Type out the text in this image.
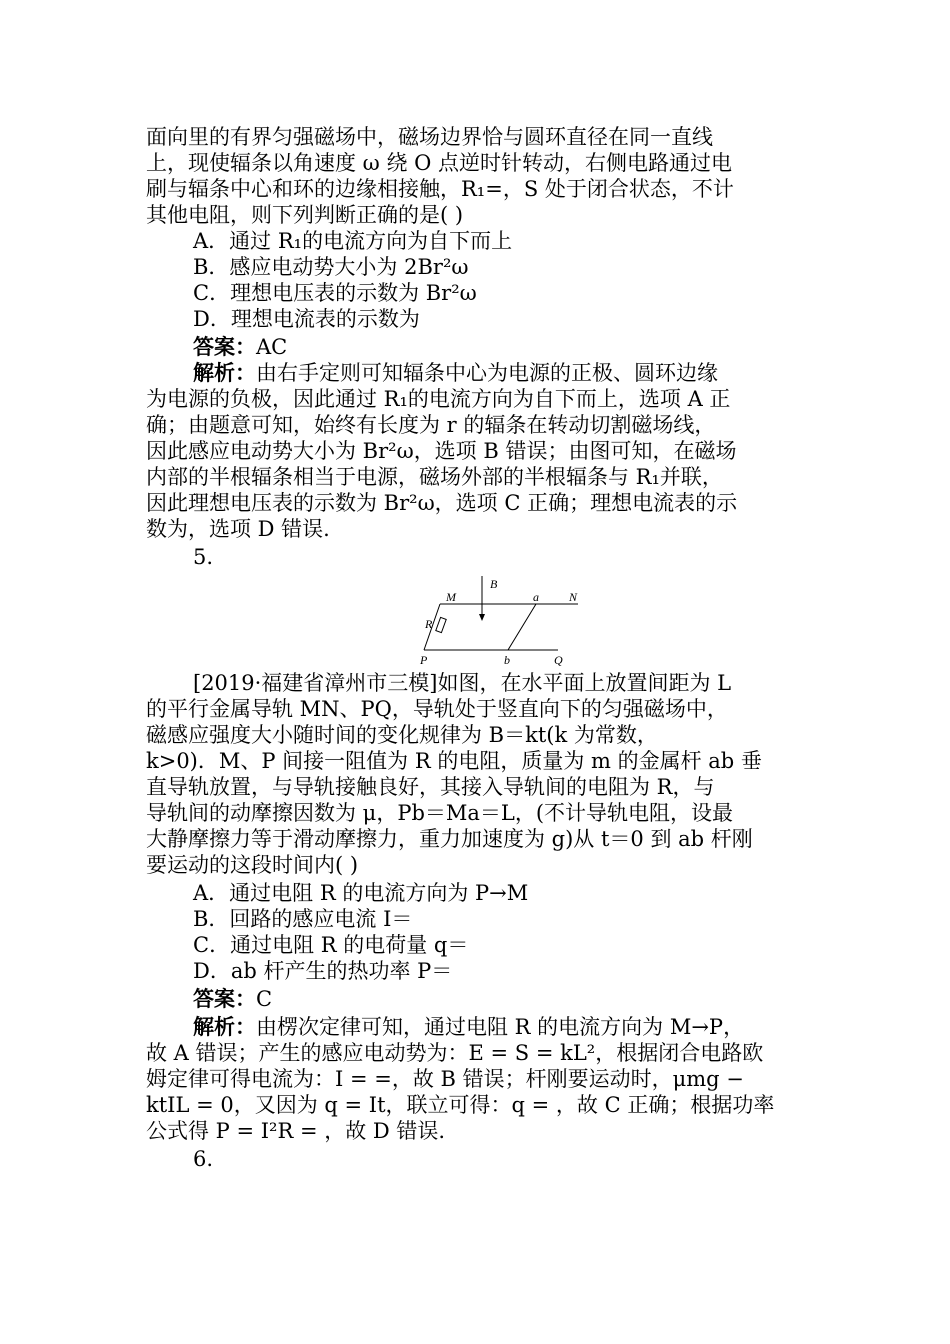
面向里的有界匀强磁场中，磁场边界恰与圆环直径在同一直线
上，现使辐条以角速度 ω 绕 O 点逆时针转动，右侧电路通过电
刷与辐条中心和环的边缘相接触，R₁=，S 处于闭合状态，不计
其他电阻，则下列判断正确的是( )
A．通过 R₁的电流方向为自下而上
B．感应电动势大小为 2Br²ω
C．理想电压表的示数为 Br²ω
D．理想电流表的示数为
答案：AC
解析：由右手定则可知辐条中心为电源的正极、圆环边缘
为电源的负极，因此通过 R₁的电流方向为自下而上，选项 A 正
确；由题意可知，始终有长度为 r 的辐条在转动切割磁场线，
因此感应电动势大小为 Br²ω，选项 B 错误；由图可知，在磁场
内部的半根辐条相当于电源，磁场外部的半根辐条与 R₁并联，
因此理想电压表的示数为 Br²ω，选项 C 正确；理想电流表的示
数为，选项 D 错误.
5.
M
B
a	N
R
P	b	Q
[2019·福建省漳州市三模]如图，在水平面上放置间距为 L
的平行金属导轨 MN、PQ，导轨处于竖直向下的匀强磁场中，
磁感应强度大小随时间的变化规律为 B＝kt(k 为常数，
k>0)．M、P 间接一阻值为 R 的电阻，质量为 m 的金属杆 ab 垂
直导轨放置，与导轨接触良好，其接入导轨间的电阻为 R，与
导轨间的动摩擦因数为 μ，Pb＝Ma＝L，(不计导轨电阻，设最
大静摩擦力等于滑动摩擦力，重力加速度为 g)从 t＝0 到 ab 杆刚
要运动的这段时间内( )
A．通过电阻 R 的电流方向为 P→M
B．回路的感应电流 I＝
C．通过电阻 R 的电荷量 q＝
D．ab 杆产生的热功率 P＝
答案：C
解析：由楞次定律可知，通过电阻 R 的电流方向为 M→P，
故 A 错误；产生的感应电动势为：E = S = kL²，根据闭合电路欧
姆定律可得电流为：I = =，故 B 错误；杆刚要运动时，μmg −
ktIL = 0，又因为 q = It，联立可得：q = ，故 C 正确；根据功率
公式得 P = I²R = ，故 D 错误.
6.
